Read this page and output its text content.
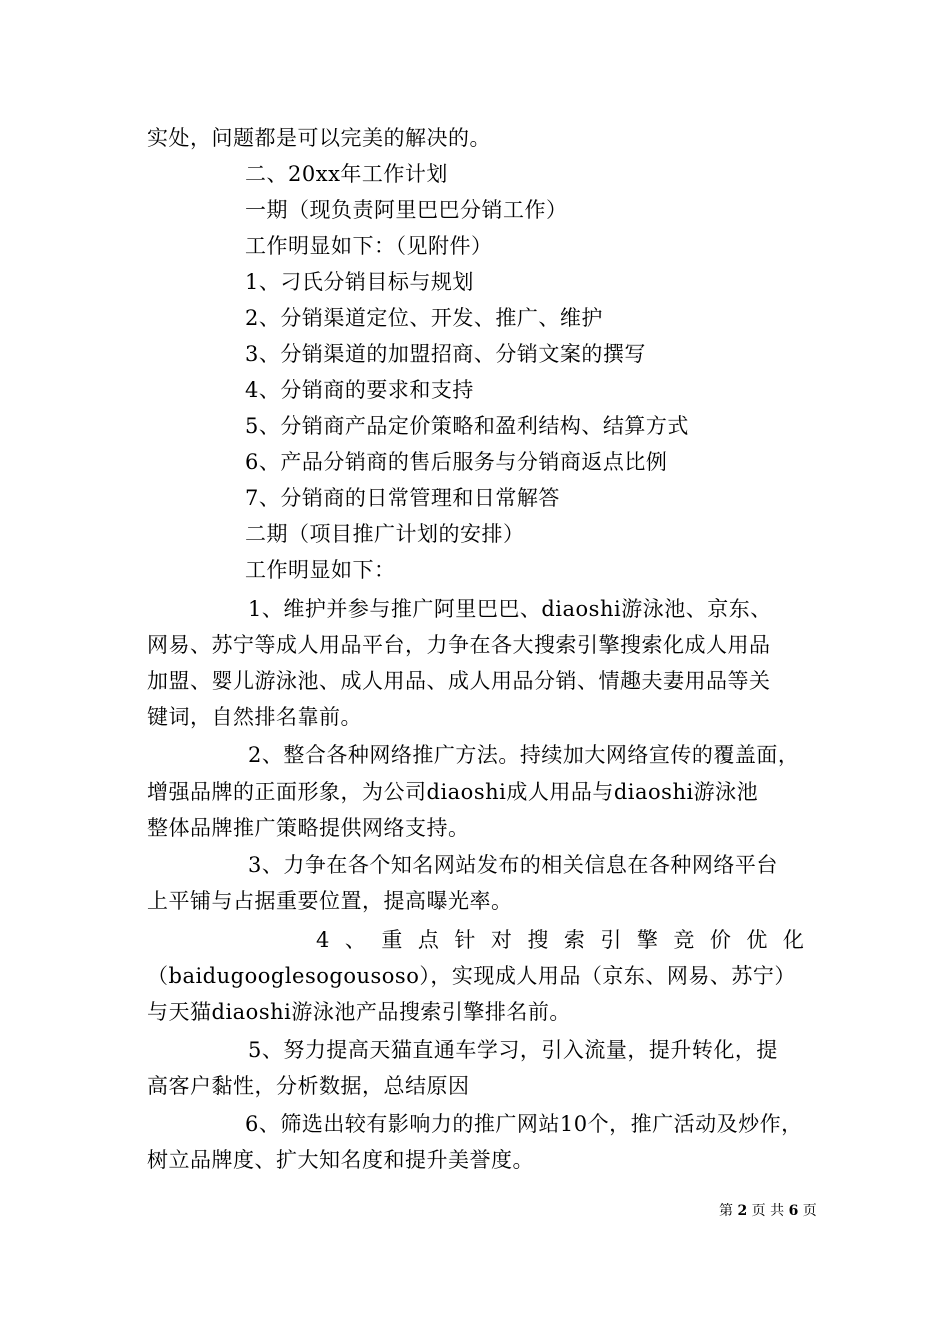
实处，问题都是可以完美的解决的。
二、20xx年工作计划
一期（现负责阿里巴巴分销工作）
工作明显如下：（见附件）
1、刁氏分销目标与规划
2、分销渠道定位、开发、推广、维护
3、分销渠道的加盟招商、分销文案的撰写
4、分销商的要求和支持
5、分销商产品定价策略和盈利结构、结算方式
6、产品分销商的售后服务与分销商返点比例
7、分销商的日常管理和日常解答
二期（项目推广计划的安排）
工作明显如下：
1、维护并参与推广阿里巴巴、diaoshi游泳池、京东、
网易、苏宁等成人用品平台，力争在各大搜索引擎搜索化成人用品
加盟、婴儿游泳池、成人用品、成人用品分销、情趣夫妻用品等关
键词，自然排名靠前。
2、整合各种网络推广方法。持续加大网络宣传的覆盖面，
增强品牌的正面形象，为公司diaoshi成人用品与diaoshi游泳池
整体品牌推广策略提供网络支持。
3、力争在各个知名网站发布的相关信息在各种网络平台
上平铺与占据重要位置，提高曝光率。
4 、 重 点 针 对 搜 索 引 擎 竞 价 优 化
（baidugooglesogousoso），实现成人用品（京东、网易、苏宁）
与天猫diaoshi游泳池产品搜索引擎排名前。
5、努力提高天猫直通车学习，引入流量，提升转化，提
高客户黏性，分析数据，总结原因
6、筛选出较有影响力的推广网站10个，推广活动及炒作，
树立品牌度、扩大知名度和提升美誉度。
第 2 页 共 6 页
